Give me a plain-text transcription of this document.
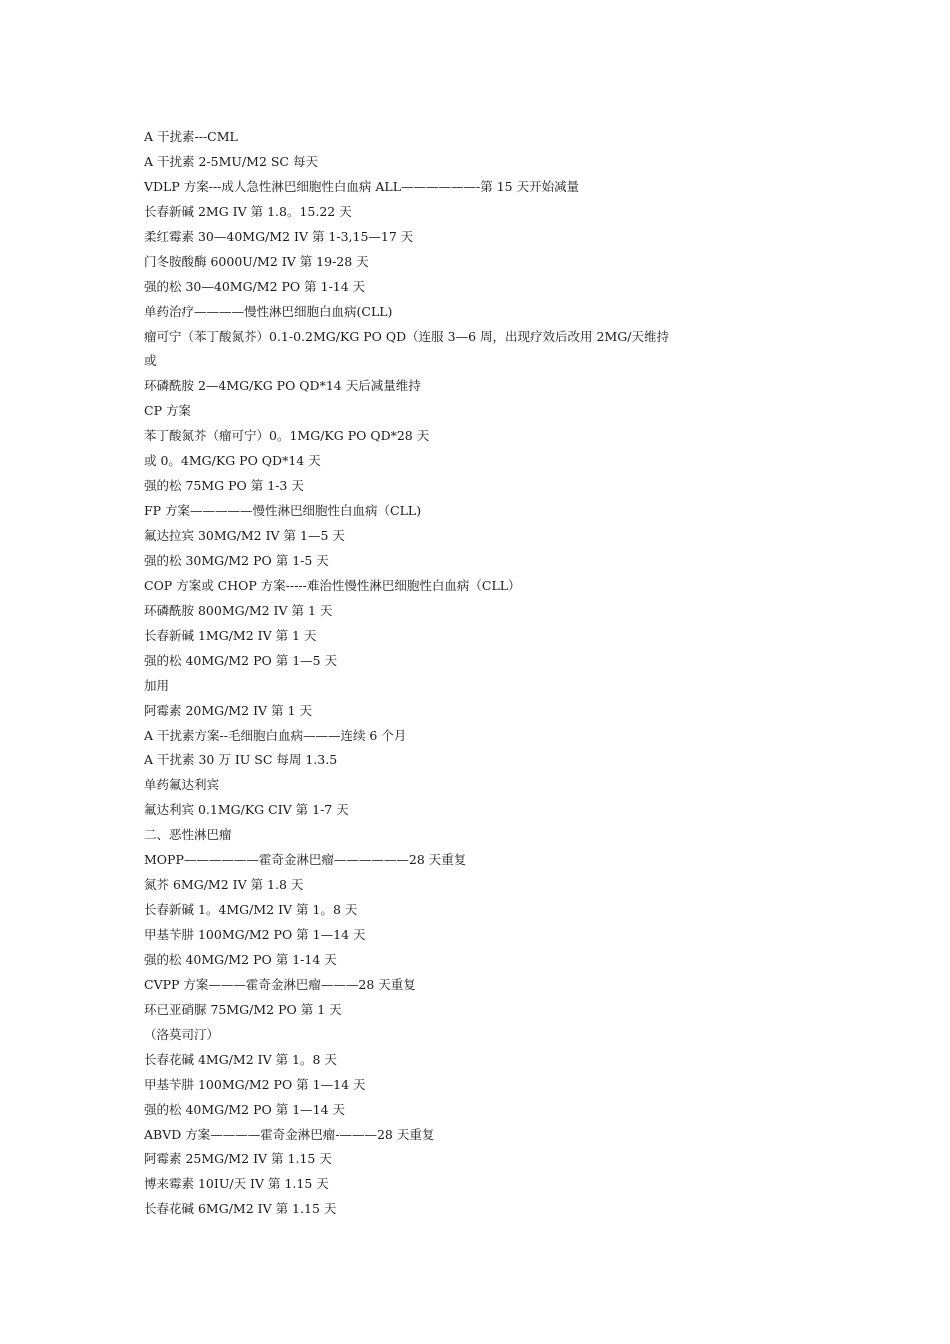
A 干扰素---CML
A 干扰素 2-5MU/M2 SC 每天
VDLP 方案---成人急性淋巴细胞性白血病 ALL——————-第 15 天开始减量
长春新碱 2MG IV 第 1.8。15.22 天
柔红霉素 30—40MG/M2 IV 第 1-3,15—17 天
门冬胺酸酶 6000U/M2 IV 第 19-28 天
强的松 30—40MG/M2 PO 第 1-14 天
单药治疗————慢性淋巴细胞白血病(CLL)
瘤可宁（苯丁酸氮芥）0.1-0.2MG/KG PO QD（连服 3—6 周，出现疗效后改用 2MG/天维持
或
环磷酰胺 2—4MG/KG PO QD*14 天后减量维持
CP 方案
苯丁酸氮芥（瘤可宁）0。1MG/KG PO QD*28 天
或 0。4MG/KG PO QD*14 天
强的松 75MG PO 第 1-3 天
FP 方案—————慢性淋巴细胞性白血病（CLL)
氟达拉宾 30MG/M2 IV 第 1—5 天
强的松 30MG/M2 PO 第 1-5 天
COP 方案或 CHOP 方案-----难治性慢性淋巴细胞性白血病（CLL）
环磷酰胺 800MG/M2 IV 第 1 天
长春新碱 1MG/M2 IV 第 1 天
强的松 40MG/M2 PO 第 1—5 天
加用
阿霉素 20MG/M2 IV 第 1 天
A 干扰素方案--毛细胞白血病———连续 6 个月
A 干扰素 30 万 IU SC 每周 1.3.5
单药氟达利宾
氟达利宾 0.1MG/KG CIV 第 1-7 天
二、恶性淋巴瘤
MOPP——————霍奇金淋巴瘤——————28 天重复
氮芥 6MG/M2 IV 第 1.8 天
长春新碱 1。4MG/M2 IV 第 1。8 天
甲基苄肼 100MG/M2 PO 第 1—14 天
强的松 40MG/M2 PO 第 1-14 天
CVPP 方案———霍奇金淋巴瘤———28 天重复
环已亚硝脲 75MG/M2 PO 第 1 天
（洛莫司汀）
长春花碱 4MG/M2 IV 第 1。8 天
甲基苄肼 100MG/M2 PO 第 1—14 天
强的松 40MG/M2 PO 第 1—14 天
ABVD 方案————霍奇金淋巴瘤-———28 天重复
阿霉素 25MG/M2 IV 第 1.15 天
博来霉素 10IU/天 IV 第 1.15 天
长春花碱 6MG/M2 IV 第 1.15 天
